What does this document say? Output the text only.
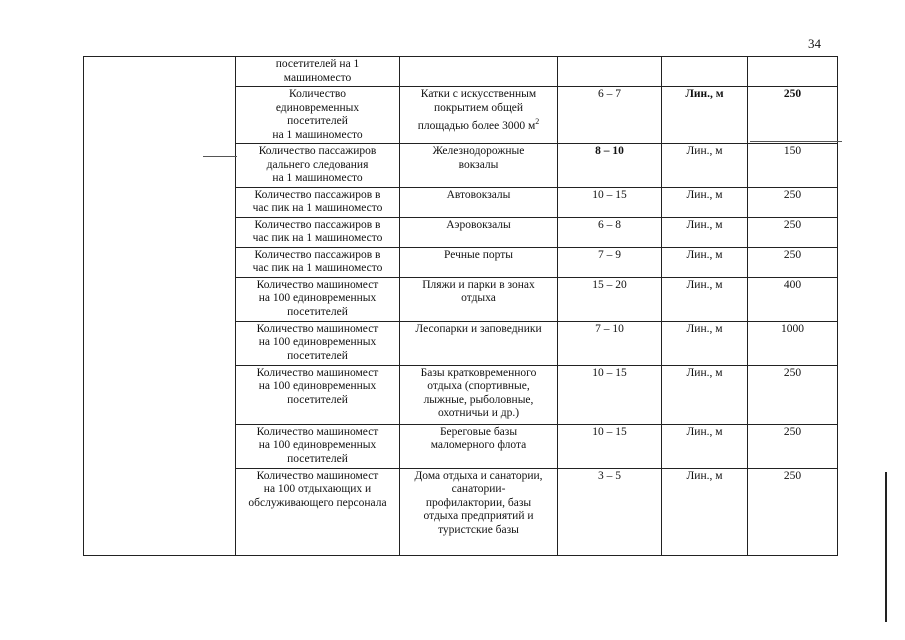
34
	посетителей на 1
машиноместо				
	Количество
единовременных
посетителей
на 1 машиноместо	Катки с искусственным
покрытием общей
площадью более 3000 $м^2$	6 – 7	Лин., м	250
	Количество пассажиров
дальнего следования
на 1 машиноместо	Железнодорожные
вокзалы	8 – 10	Лин., м	150
	Количество пассажиров в
час пик на 1 машиноместо	Автовокзалы	10 – 15	Лин., м	250
	Количество пассажиров в
час пик на 1 машиноместо	Аэровокзалы	6 – 8	Лин., м	250
	Количество пассажиров в
час пик на 1 машиноместо	Речные порты	7 – 9	Лин., м	250
	Количество машиномест
на 100 единовременных
посетителей	Пляжи и парки в зонах
отдыха	15 – 20	Лин., м	400
	Количество машиномест
на 100 единовременных
посетителей	Лесопарки и заповедники	7 – 10	Лин., м	1000
	Количество машиномест
на 100 единовременных
посетителей	Базы кратковременного
отдыха (спортивные,
лыжные, рыболовные,
охотничьи и др.)	10 – 15	Лин., м	250
	Количество машиномест
на 100 единовременных
посетителей	Береговые базы
маломерного флота	10 – 15	Лин., м	250
	Количество машиномест
на 100 отдыхающих и
обслуживающего персонала	Дома отдыха и санатории,
санатории-
профилактории, базы
отдыха предприятий и
туристские базы	3 – 5	Лин., м	250
